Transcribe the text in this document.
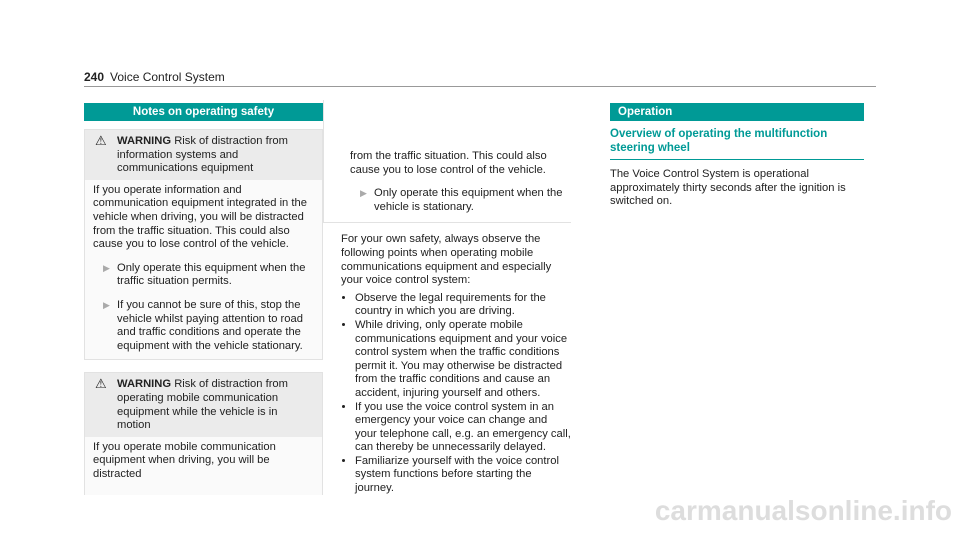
240 Voice Control System
Notes on operating safety
⚠ WARNING Risk of distraction from information systems and communications equipment
If you operate information and communication equipment integrated in the vehicle when driving, you will be distracted from the traffic situation. This could also cause you to lose control of the vehicle.
▶ Only operate this equipment when the traffic situation permits.
▶ If you cannot be sure of this, stop the vehicle whilst paying attention to road and traffic conditions and operate the equipment with the vehicle stationary.
⚠ WARNING Risk of distraction from operating mobile communication equipment while the vehicle is in motion
If you operate mobile communication equipment when driving, you will be distracted
from the traffic situation. This could also cause you to lose control of the vehicle.
▶ Only operate this equipment when the vehicle is stationary.
For your own safety, always observe the following points when operating mobile communications equipment and especially your voice control system:
• Observe the legal requirements for the country in which you are driving.
• While driving, only operate mobile communications equipment and your voice control system when the traffic conditions permit it. You may otherwise be distracted from the traffic conditions and cause an accident, injuring yourself and others.
• If you use the voice control system in an emergency your voice can change and your telephone call, e.g. an emergency call, can thereby be unnecessarily delayed.
• Familiarize yourself with the voice control system functions before starting the journey.
Operation
Overview of operating the multifunction steering wheel
The Voice Control System is operational approximately thirty seconds after the ignition is switched on.
carmanualsonline.info
